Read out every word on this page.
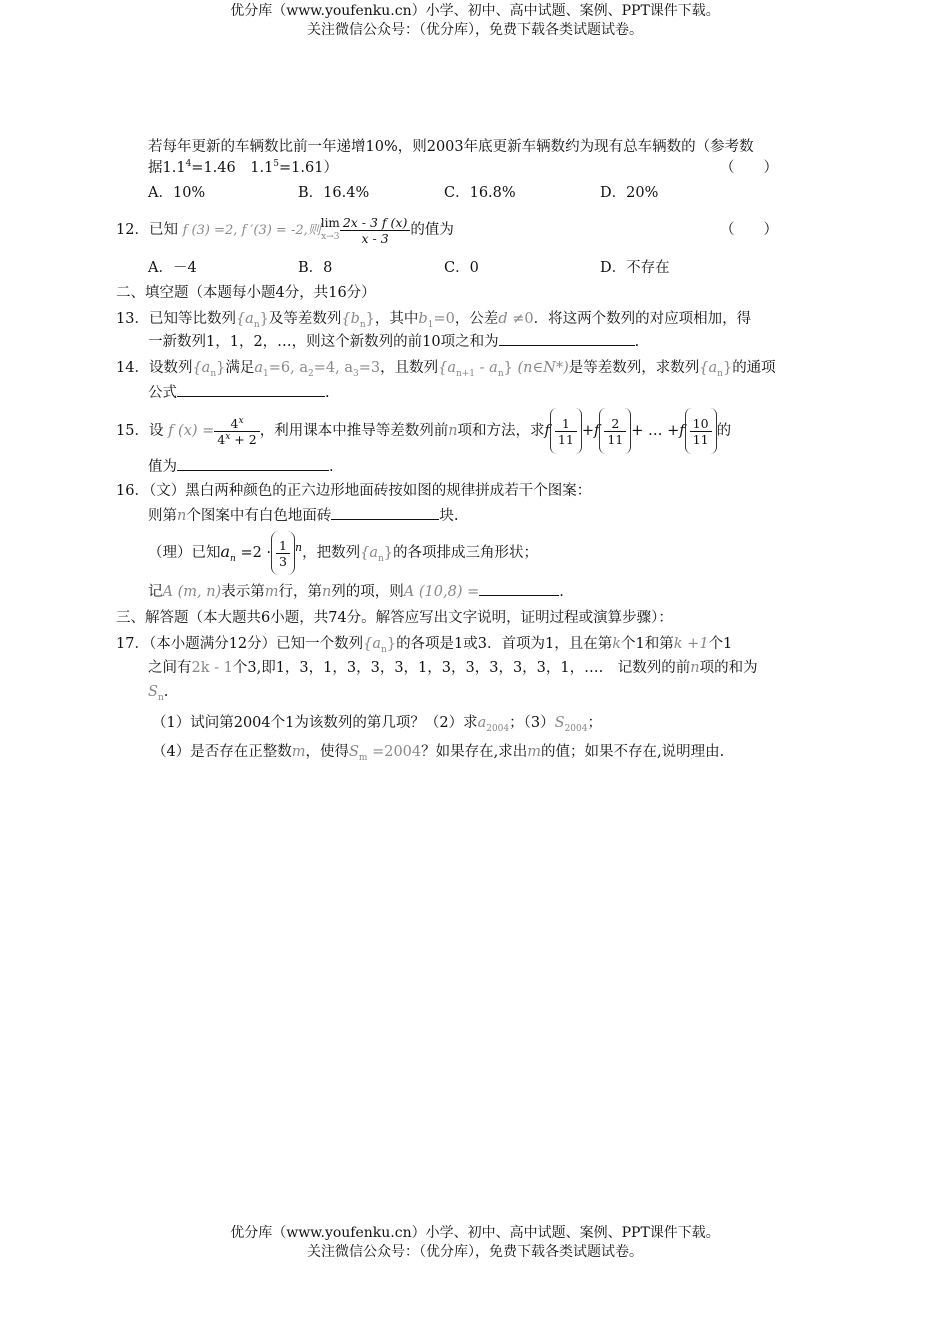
优分库（www.youfenku.cn）小学、初中、高中试题、案例、PPT课件下载。
关注微信公众号：（优分库），免费下载各类试题试卷。
若每年更新的车辆数比前一年递增10%，则2003年底更新车辆数约为现有总车辆数的（参考数
据$1.1^4=1.46$　$1.1^5=1.61$）	（　　）
A．10%	B．16.4%	C．16.8%	D．20%
12．已知 f (3) =2, f ′(3) = -2,则 lim
$x\to 3 \frac{2x - 3 f (x)}{x - 3}$ 的值为	（　　）
A．－4	B．8	C．0	D．不存在
二、填空题（本题每小题4分，共16分）
13．已知等比数列$\{a_n\}$及等差数列$\{b_n\}$，其中$b_1=0$，公差d ≠0．将这两个数列的对应项相加，得
一新数列1，1，2，…，则这个新数列的前10项之和为	.
14．设数列$\{a_n\}$满足$a_1=6$, $a_2=4$, $a_3=3$，且数列$\{a_{n+1} - a_n\}$ (n∈N*)是等差数列，求数列$\{a_n\}$的通项
公式	.
15．设 f $(x) = \frac{4^x}{4^x + 2}$ ，利用课本中推导等差数列前n项和方法，求f $\frac{1}{11} +f \frac{2}{11}$ + … $+f \frac{10}{11}$ 的
值为	.
16．（文）黑白两种颜色的正六边形地面砖按如图的规律拼成若干个图案：
则第n个图案中有白色地面砖	块.
（理）已知$a_n =2 \cdot \frac{1}{3} ^n$，把数列$\{a_n\}$的各项排成三角形状；
记A (m, n)表示第m行，第n列的项，则A (10,8) =	.
三、解答题（本大题共6小题，共74分。解答应写出文字说明，证明过程或演算步骤）：
17．（本小题满分12分）已知一个数列$\{a_n\}$的各项是1或3．首项为1，且在第k个1和第k +1个1
之间有2k - 1个3,即1，3，1，3，3，3，1，3，3，3，3，3，1，….　记数列的前n项的和为
$S_n$.
（1）试问第2004个1为该数列的第几项？（2）求$a_{2004}$；$(3)S_{2004}$；
（4）是否存在正整数m，使得$S_m =2004$？如果存在,求出m的值；如果不存在,说明理由.
优分库（www.youfenku.cn）小学、初中、高中试题、案例、PPT课件下载。
关注微信公众号：（优分库），免费下载各类试题试卷。
